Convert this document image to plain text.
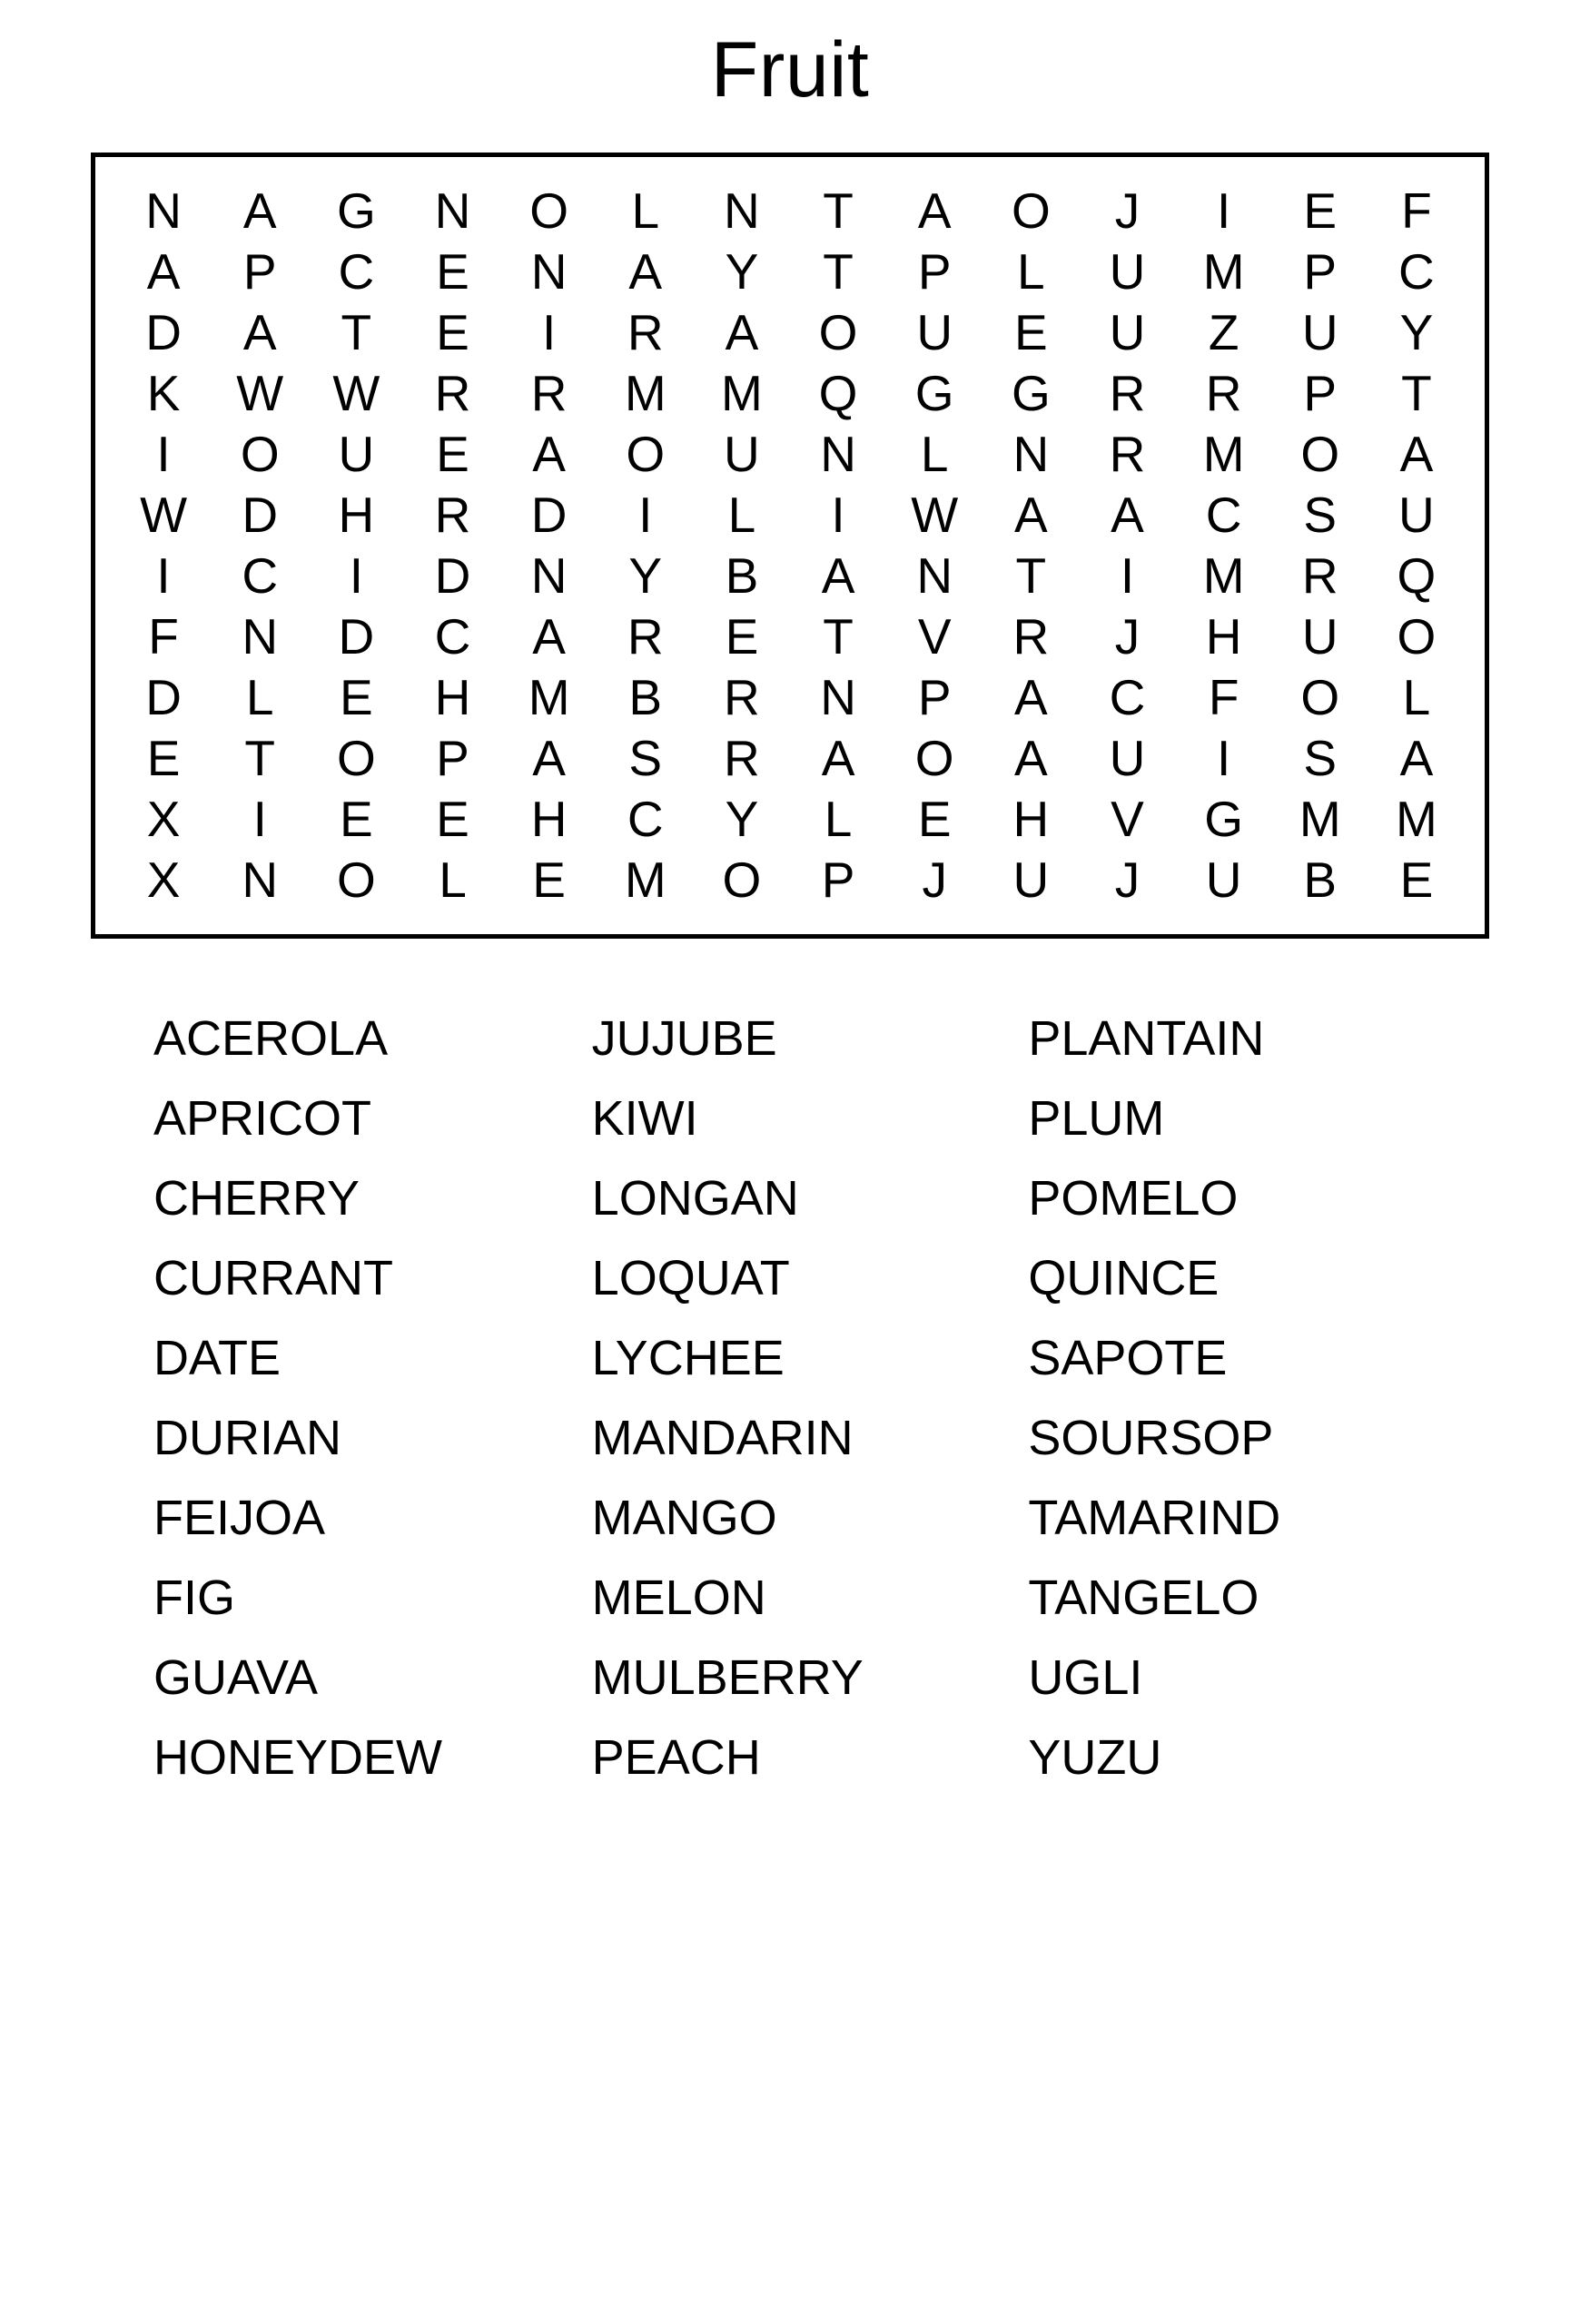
Fruit
N	A	G	N	O	L	N	T	A	O	J	I	E	F
A	P	C	E	N	A	Y	T	P	L	U	M	P	C
D	A	T	E	I	R	A	O	U	E	U	Z	U	Y
K	W	W	R	R	M	M	Q	G	G	R	R	P	T
I	O	U	E	A	O	U	N	L	N	R	M	O	A
W	D	H	R	D	I	L	I	W	A	A	C	S	U
I	C	I	D	N	Y	B	A	N	T	I	M	R	Q
F	N	D	C	A	R	E	T	V	R	J	H	U	O
D	L	E	H	M	B	R	N	P	A	C	F	O	L
E	T	O	P	A	S	R	A	O	A	U	I	S	A
X	I	E	E	H	C	Y	L	E	H	V	G	M	M
X	N	O	L	E	M	O	P	J	U	J	U	B	E
ACEROLA
APRICOT
CHERRY
CURRANT
DATE
DURIAN
FEIJOA
FIG
GUAVA
HONEYDEW
JUJUBE
KIWI
LONGAN
LOQUAT
LYCHEE
MANDARIN
MANGO
MELON
MULBERRY
PEACH
PLANTAIN
PLUM
POMELO
QUINCE
SAPOTE
SOURSOP
TAMARIND
TANGELO
UGLI
YUZU
